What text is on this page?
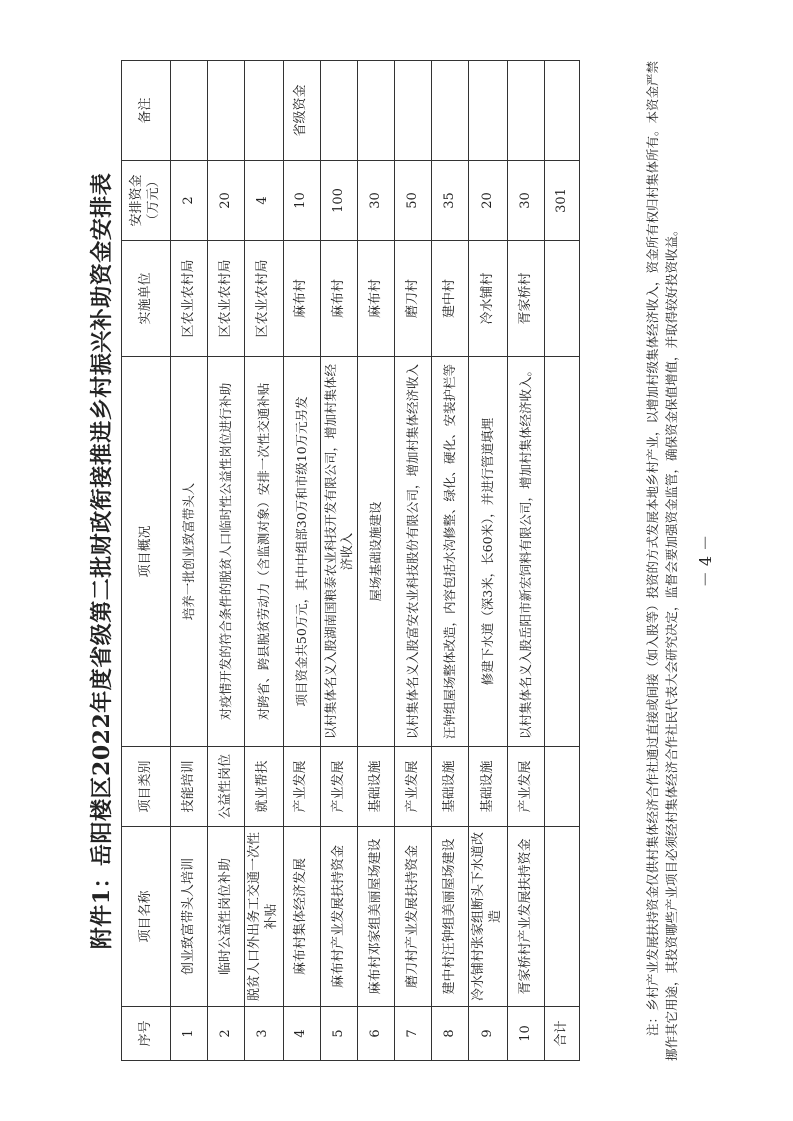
附件1：岳阳楼区2022年度省级第二批财政衔接推进乡村振兴补助资金安排表
序号	项目名称	项目类别	项目概况	实施单位	安排资金（万元）	备注
1	创业致富带头人培训	技能培训	培养一批创业致富带头人	区农业农村局	2	
2	临时公益性岗位补助	公益性岗位	对疫情开发的符合条件的脱贫人口临时性公益性岗位进行补助	区农业农村局	20	
3	脱贫人口外出务工交通一次性补贴	就业帮扶	对跨省、跨县脱贫劳动力（含监测对象）安排一次性交通补贴	区农业农村局	4	
4	麻布村集体经济发展	产业发展	项目资金共50万元，其中中组部30万和市级10万元另发	麻布村	10	省级资金
5	麻布村产业发展扶持资金	产业发展	以村集体名义入股湖南国粮泰农业科技开发有限公司，增加村集体经济收入	麻布村	100	
6	麻布村邓家组美丽屋场建设	基础设施	屋场基础设施建设	麻布村	30	
7	磨刀村产业发展扶持资金	产业发展	以村集体名义入股富安农业科技股份有限公司，增加村集体经济收入	磨刀村	50	
8	建中村汪钟组美丽屋场建设	基础设施	汪钟组屋场整体改造，内容包括水沟修整、绿化、硬化、安装护栏等	建中村	35	
9	冷水铺村张家组断头下水道改造	基础设施	修建下水道（深3米，长60米），并进行管道填埋	冷水铺村	20	
10	胥家桥村产业发展扶持资金	产业发展	以村集体名义入股岳阳市新宏饲料有限公司，增加村集体经济收入。	胥家桥村	30	
合计					301		注：乡村产业发展扶持资金仅供村集体经济合作社通过直接或间接（如入股等）投资的方式发展本地乡村产业，以增加村级集体经济收入，资金所有权归村集体所有。本资金严禁挪作其它用途，其投资哪些产业项目必须经村集体经济合作社民代表大会研究决定，监督会要加强资金监管，确保资金保值增值，并取得较好投资收益。 － 4 －
